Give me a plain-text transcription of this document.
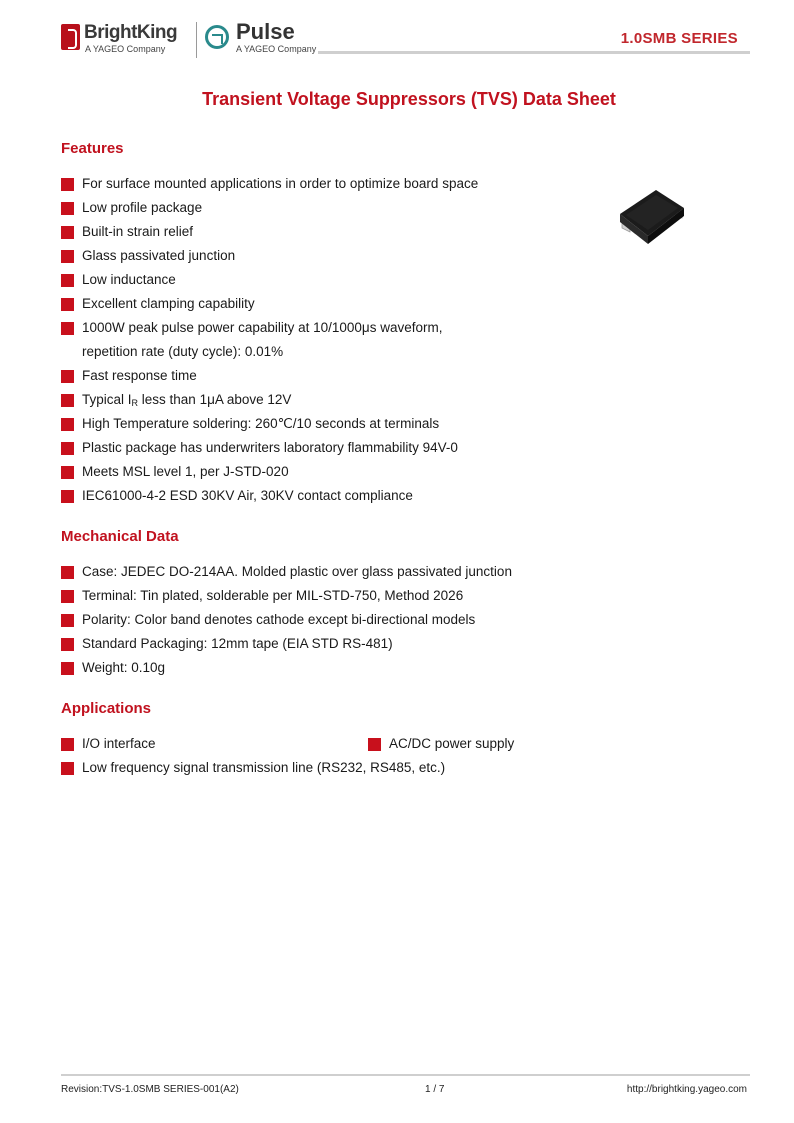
BrightKing
A YAGEO Company
Pulse
A YAGEO Company
1.0SMB SERIES
Transient Voltage Suppressors (TVS) Data Sheet
Features
For surface mounted applications in order to optimize board space
Low profile package
Built-in strain relief
Glass passivated junction
Low inductance
Excellent clamping capability
1000W peak pulse power capability at 10/1000μs waveform,
repetition rate (duty cycle): 0.01%
Fast response time
Typical $I_R$ less than 1μA above 12V
High Temperature soldering: 260℃/10 seconds at terminals
Plastic package has underwriters laboratory flammability 94V-0
Meets MSL level 1, per J-STD-020
IEC61000-4-2 ESD 30KV Air, 30KV contact compliance
Mechanical Data
Case: JEDEC DO-214AA. Molded plastic over glass passivated junction
Terminal: Tin plated, solderable per MIL-STD-750, Method 2026
Polarity: Color band denotes cathode except bi-directional models
Standard Packaging: 12mm tape (EIA STD RS-481)
Weight: 0.10g
Applications
I/O interface	AC/DC power supply
Low frequency signal transmission line (RS232, RS485, etc.)
Revision:TVS-1.0SMB SERIES-001(A2)	1 / 7	http://brightking.yageo.com
